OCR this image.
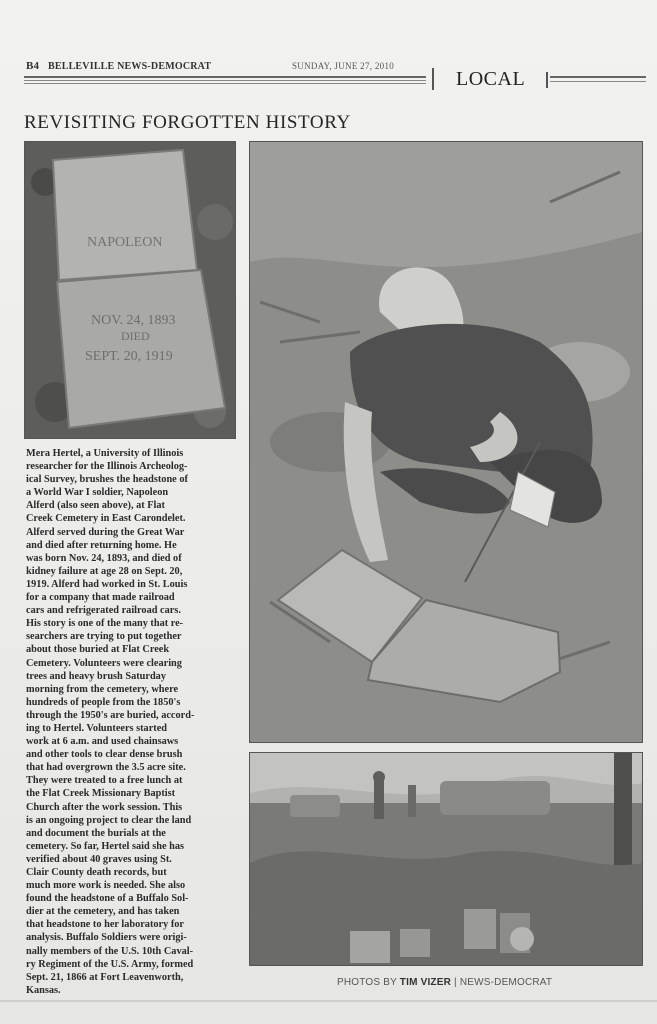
B4 BELLEVILLE NEWS-DEMOCRAT	SUNDAY, JUNE 27, 2010
LOCAL
REVISITING FORGOTTEN HISTORY
NAPOLEON
NOV. 24, 1893
DIED
SEPT. 20, 1919
Mera Hertel, a University of Illinois
researcher for the Illinois Archeolog-
ical Survey, brushes the headstone of
a World War I soldier, Napoleon
Alferd (also seen above), at Flat
Creek Cemetery in East Carondelet.
Alferd served during the Great War
and died after returning home. He
was born Nov. 24, 1893, and died of
kidney failure at age 28 on Sept. 20,
1919. Alferd had worked in St. Louis
for a company that made railroad
cars and refrigerated railroad cars.
His story is one of the many that re-
searchers are trying to put together
about those buried at Flat Creek
Cemetery. Volunteers were clearing
trees and heavy brush Saturday
morning from the cemetery, where
hundreds of people from the 1850's
through the 1950's are buried, accord-
ing to Hertel. Volunteers started
work at 6 a.m. and used chainsaws
and other tools to clear dense brush
that had overgrown the 3.5 acre site.
They were treated to a free lunch at
the Flat Creek Missionary Baptist
Church after the work session. This
is an ongoing project to clear the land
and document the burials at the
cemetery. So far, Hertel said she has
verified about 40 graves using St.
Clair County death records, but
much more work is needed. She also
found the headstone of a Buffalo Sol-
dier at the cemetery, and has taken
that headstone to her laboratory for
analysis. Buffalo Soldiers were origi-
nally members of the U.S. 10th Caval-
ry Regiment of the U.S. Army, formed
Sept. 21, 1866 at Fort Leavenworth,
Kansas.
PHOTOS BY TIM VIZER | NEWS-DEMOCRAT
